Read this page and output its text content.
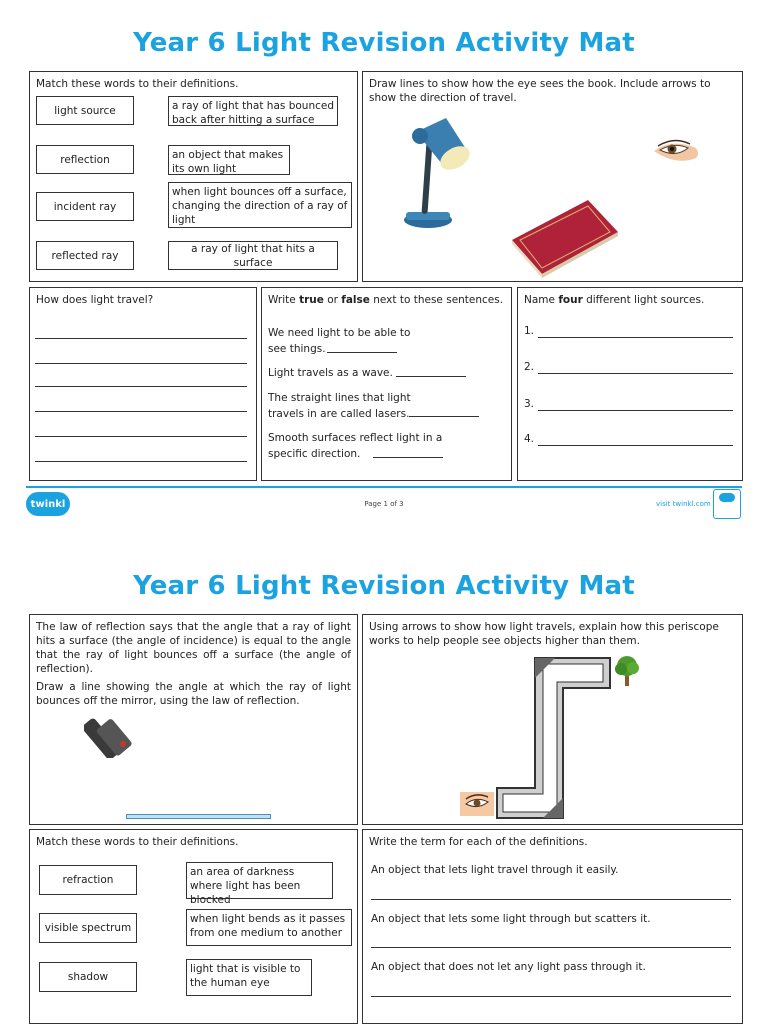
Year 6 Light Revision Activity Mat
Match these words to their definitions.
light source
reflection
incident ray
reflected ray
a ray of light that has bounced back after hitting a surface
an object that makes its own light
when light bounces off a surface, changing the direction of a ray of light
a ray of light that hits a surface
Draw lines to show how the eye sees the book. Include arrows to show the direction of travel.
How does light travel?	Write true or false next to these sentences.
We need light to be able to see things.
Light travels as a wave.
The straight lines that light travels in are called lasers.
Smooth surfaces reflect light in a specific direction.
Name four different light sources.
1.
2.
3.
4.
twinkl	Page 1 of 3	visit twinkl.com
Year 6 Light Revision Activity Mat
The law of reflection says that the angle that a ray of light hits a surface (the angle of incidence) is equal to the angle that the ray of light bounces off a surface (the angle of reflection).
Draw a line showing the angle at which the ray of light bounces off the mirror, using the law of reflection.
Using arrows to show how light travels, explain how this periscope works to help people see objects higher than them.
Match these words to their definitions.
refraction
visible spectrum
shadow
an area of darkness where light has been blocked
when light bends as it passes from one medium to another
light that is visible to the human eye
Write the term for each of the definitions.
An object that lets light travel through it easily.
An object that lets some light through but scatters it.
An object that does not let any light pass through it.
